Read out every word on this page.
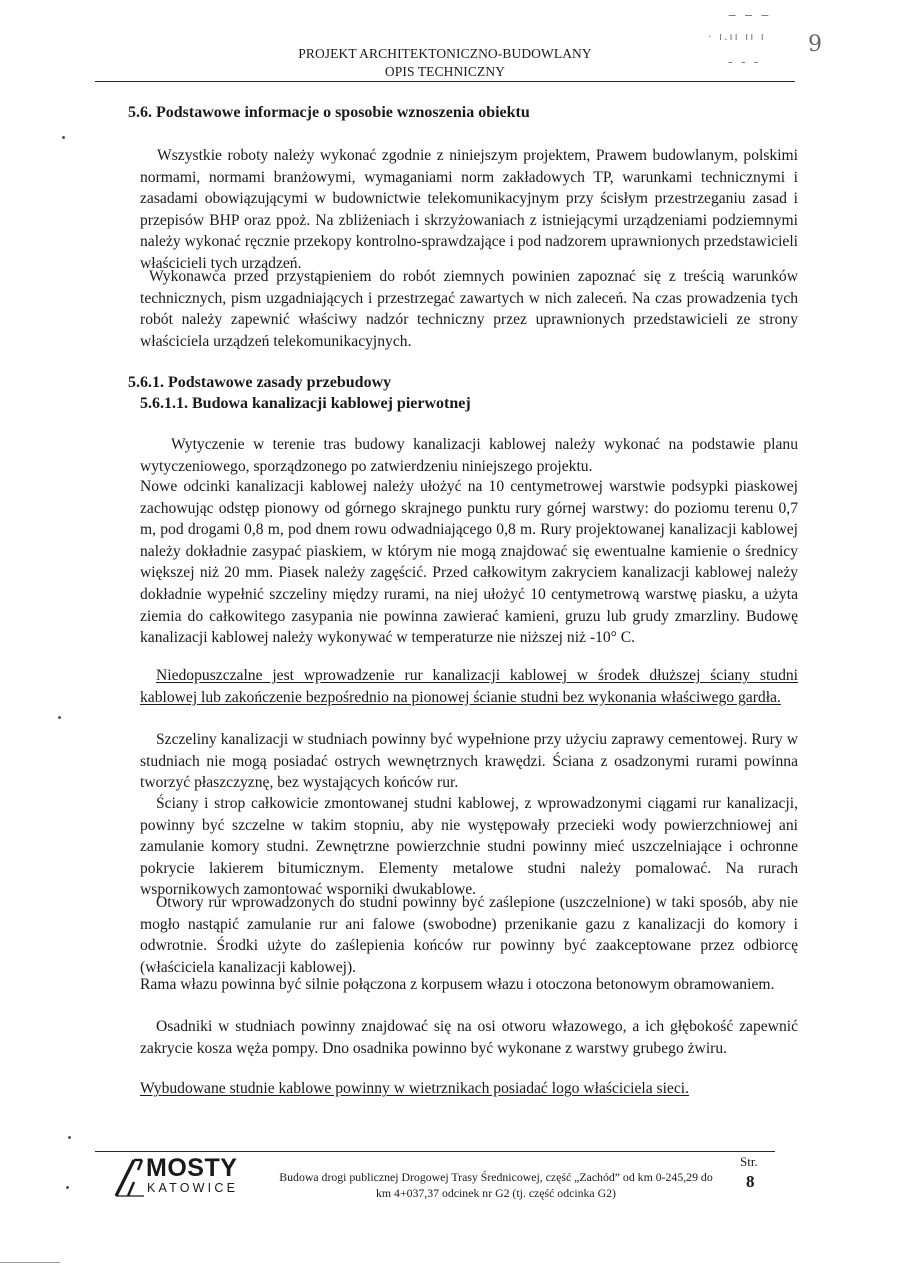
‒ ‒ ‒
· ı.ıı ıı ı
‑ ‑ ‑
9
PROJEKT ARCHITEKTONICZNO-BUDOWLANY
OPIS TECHNICZNY
5.6. Podstawowe informacje o sposobie wznoszenia obiektu

Wszystkie roboty należy wykonać zgodnie z niniejszym projektem, Prawem budowlanym, polskimi normami, normami branżowymi, wymaganiami norm zakładowych TP, warunkami technicznymi i zasadami obowiązującymi w budownictwie telekomunikacyjnym przy ścisłym przestrzeganiu zasad i przepisów BHP oraz ppoż. Na zbliżeniach i skrzyżowaniach z istniejącymi urządzeniami podziemnymi należy wykonać ręcznie przekopy kontrolno-sprawdzające i pod nadzorem uprawnionych przedstawicieli właścicieli tych urządzeń.

Wykonawca przed przystąpieniem do robót ziemnych powinien zapoznać się z treścią warunków technicznych, pism uzgadniających i przestrzegać zawartych w nich zaleceń. Na czas prowadzenia tych robót należy zapewnić właściwy nadzór techniczny przez uprawnionych przedstawicieli ze strony właściciela urządzeń telekomunikacyjnych.

5.6.1. Podstawowe zasady przebudowy
5.6.1.1. Budowa kanalizacji kablowej pierwotnej

Wytyczenie w terenie tras budowy kanalizacji kablowej należy wykonać na podstawie planu wytyczeniowego, sporządzonego po zatwierdzeniu niniejszego projektu.

Nowe odcinki kanalizacji kablowej należy ułożyć na 10 centymetrowej warstwie podsypki piaskowej zachowując odstęp pionowy od górnego skrajnego punktu rury górnej warstwy: do poziomu terenu 0,7 m, pod drogami 0,8 m, pod dnem rowu odwadniającego 0,8 m. Rury projektowanej kanalizacji kablowej należy dokładnie zasypać piaskiem, w którym nie mogą znajdować się ewentualne kamienie o średnicy większej niż 20 mm. Piasek należy zagęścić. Przed całkowitym zakryciem kanalizacji kablowej należy dokładnie wypełnić szczeliny między rurami, na niej ułożyć 10 centymetrową warstwę piasku, a użyta ziemia do całkowitego zasypania nie powinna zawierać kamieni, gruzu lub grudy zmarzliny. Budowę kanalizacji kablowej należy wykonywać w temperaturze nie niższej niż -10° C.

Niedopuszczalne jest wprowadzenie rur kanalizacji kablowej w środek dłuższej ściany studni kablowej lub zakończenie bezpośrednio na pionowej ścianie studni bez wykonania właściwego gardła.

Szczeliny kanalizacji w studniach powinny być wypełnione przy użyciu zaprawy cementowej. Rury w studniach nie mogą posiadać ostrych wewnętrznych krawędzi. Ściana z osadzonymi rurami powinna tworzyć płaszczyznę, bez wystających końców rur.

Ściany i strop całkowicie zmontowanej studni kablowej, z wprowadzonymi ciągami rur kanalizacji, powinny być szczelne w takim stopniu, aby nie występowały przecieki wody powierzchniowej ani zamulanie komory studni. Zewnętrzne powierzchnie studni powinny mieć uszczelniające i ochronne pokrycie lakierem bitumicznym. Elementy metalowe studni należy pomalować. Na rurach wspornikowych zamontować wsporniki dwukablowe.

Otwory rur wprowadzonych do studni powinny być zaślepione (uszczelnione) w taki sposób, aby nie mogło nastąpić zamulanie rur ani falowe (swobodne) przenikanie gazu z kanalizacji do komory i odwrotnie. Środki użyte do zaślepienia końców rur powinny być zaakceptowane przez odbiorcę (właściciela kanalizacji kablowej).

Rama włazu powinna być silnie połączona z korpusem włazu i otoczona betonowym obramowaniem.

Osadniki w studniach powinny znajdować się na osi otworu włazowego, a ich głębokość zapewnić zakrycie kosza węża pompy. Dno osadnika powinno być wykonane z warstwy grubego żwiru.

Wybudowane studnie kablowe powinny w wietrznikach posiadać logo właściciela sieci.

MOSTY
KATOWICE
Budowa drogi publicznej Drogowej Trasy Średnicowej, część „Zachód” od km 0-245,29 do km 4+037,37 odcinek nr G2 (tj. część odcinka G2)
Str.
8
